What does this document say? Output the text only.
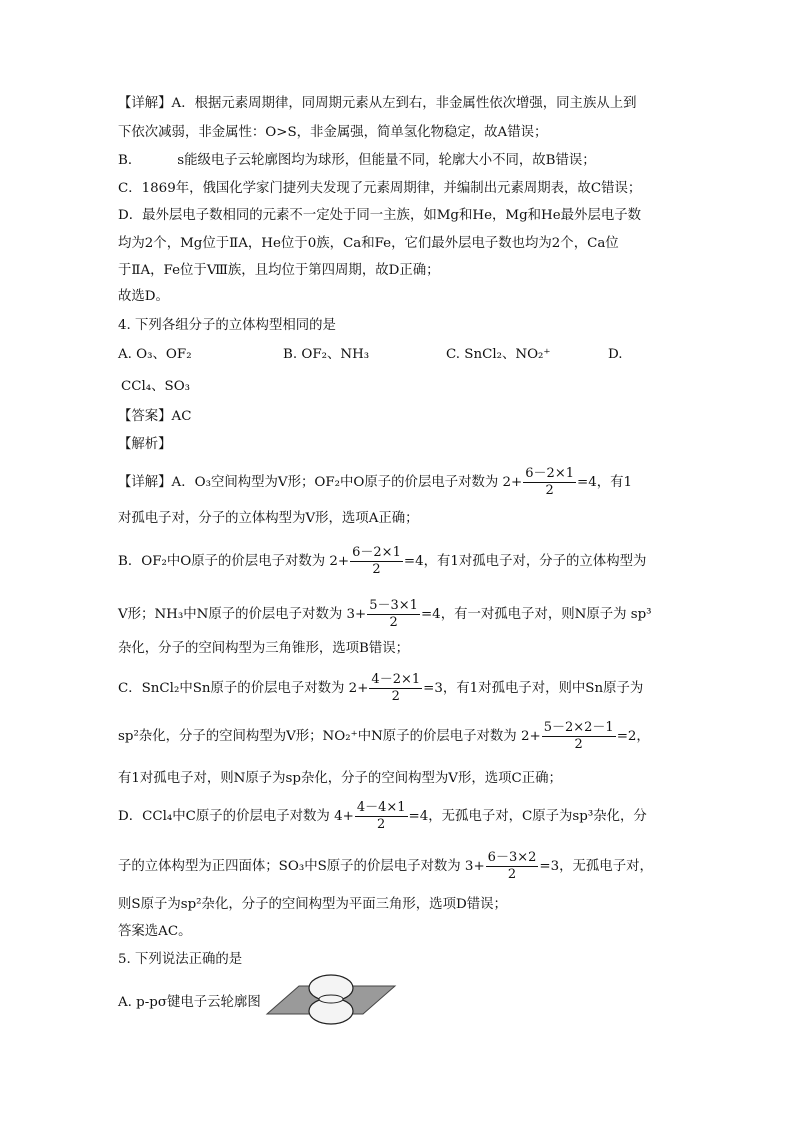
【详解】A．根据元素周期律，同周期元素从左到右，非金属性依次增强，同主族从上到
下依次减弱，非金属性：O>S，非金属强，简单氢化物稳定，故A错误；
B．	s能级电子云轮廓图均为球形，但能量不同，轮廓大小不同，故B错误；
C．1869年，俄国化学家门捷列夫发现了元素周期律，并编制出元素周期表，故C错误；
D．最外层电子数相同的元素不一定处于同一主族，如Mg和He，Mg和He最外层电子数
均为2个，Mg位于ⅡA，He位于0族，Ca和Fe，它们最外层电子数也均为2个，Ca位
于ⅡA，Fe位于Ⅷ族，且均位于第四周期，故D正确；
故选D。
4. 下列各组分子的立体构型相同的是
A. O₃、OF₂	B. OF₂、NH₃	C. SnCl₂、NO₂⁺	D.
CCl₄、SO₃
【答案】AC
【解析】
【详解】A．O₃空间构型为V形；OF₂中O原子的价层电子对数为 $2+ \frac{6-2\times 1}{2} =4$，有1
对孤电子对，分子的立体构型为V形，选项A正确；
B．OF₂中O原子的价层电子对数为 $2+ \frac{6-2\times 1}{2} =4$，有1对孤电子对，分子的立体构型为
V形；NH₃中N原子的价层电子对数为 $3+ \frac{5-3\times 1}{2} =4$，有一对孤电子对，则N原子为 sp³
杂化，分子的空间构型为三角锥形，选项B错误；
C．SnCl₂中Sn原子的价层电子对数为 $2+ \frac{4-2\times 1}{2} =3$，有1对孤电子对，则中Sn原子为
sp²杂化，分子的空间构型为V形；NO₂⁺中N原子的价层电子对数为 $2+ \frac{5-2\times 2-1}{2} =2$，
有1对孤电子对，则N原子为sp杂化，分子的空间构型为V形，选项C正确；
D．CCl₄中C原子的价层电子对数为 $4+ \frac{4-4\times 1}{2} =4$，无孤电子对，C原子为sp³杂化，分
子的立体构型为正四面体；SO₃中S原子的价层电子对数为 $3+ \frac{6-3\times 2}{2} =3$，无孤电子对，
则S原子为sp²杂化，分子的空间构型为平面三角形，选项D错误；
答案选AC。
5. 下列说法正确的是
A. p-pσ键电子云轮廓图
